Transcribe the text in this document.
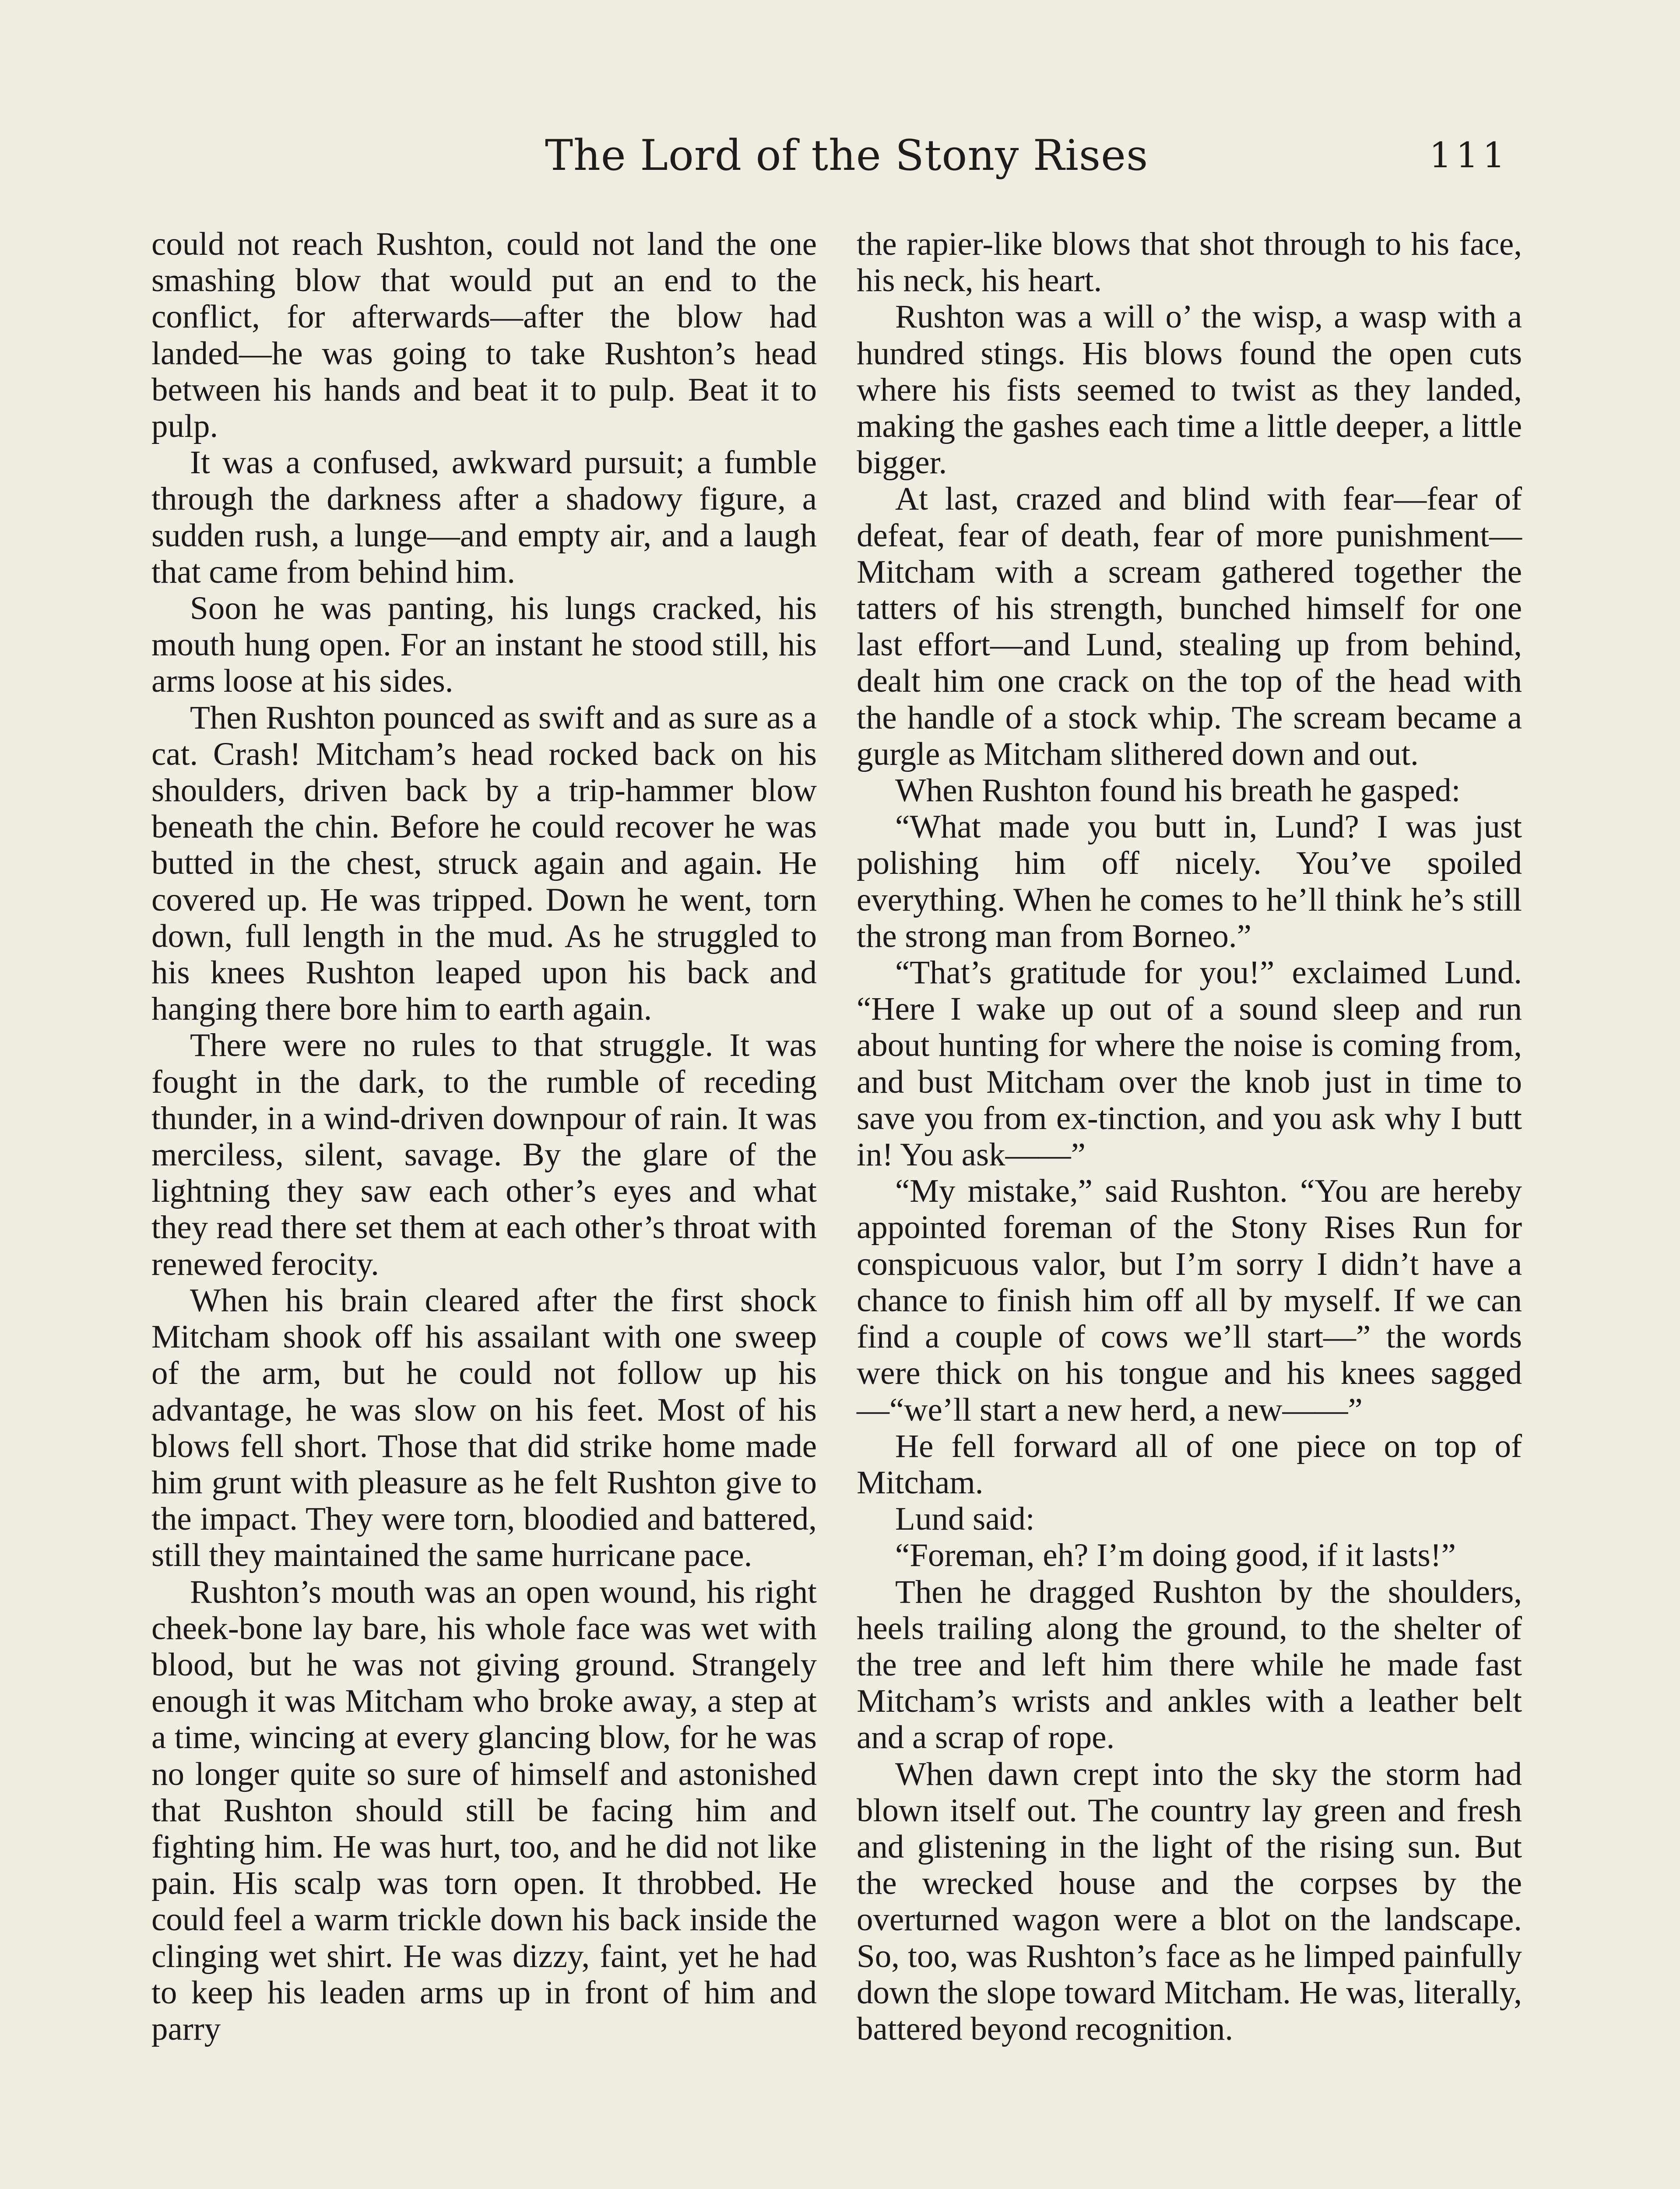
The Lord of the Stony Rises	111

could not reach Rushton, could not land the one smashing blow that would put an end to the conflict, for afterwards—after the blow had landed—he was going to take Rushton’s head between his hands and beat it to pulp. Beat it to pulp.

It was a confused, awkward pursuit; a fumble through the darkness after a shadowy figure, a sudden rush, a lunge—and empty air, and a laugh that came from behind him.

Soon he was panting, his lungs cracked, his mouth hung open. For an instant he stood still, his arms loose at his sides.

Then Rushton pounced as swift and as sure as a cat. Crash! Mitcham’s head rocked back on his shoulders, driven back by a trip-hammer blow beneath the chin. Before he could recover he was butted in the chest, struck again and again. He covered up. He was tripped. Down he went, torn down, full length in the mud. As he struggled to his knees Rushton leaped upon his back and hanging there bore him to earth again.

There were no rules to that struggle. It was fought in the dark, to the rumble of receding thunder, in a wind-driven downpour of rain. It was merciless, silent, savage. By the glare of the lightning they saw each other’s eyes and what they read there set them at each other’s throat with renewed ferocity.

When his brain cleared after the first shock Mitcham shook off his assailant with one sweep of the arm, but he could not follow up his advantage, he was slow on his feet. Most of his blows fell short. Those that did strike home made him grunt with pleasure as he felt Rushton give to the impact. They were torn, bloodied and battered, still they maintained the same hurricane pace.

Rushton’s mouth was an open wound, his right cheek-bone lay bare, his whole face was wet with blood, but he was not giving ground. Strangely enough it was Mitcham who broke away, a step at a time, wincing at every glancing blow, for he was no longer quite so sure of himself and astonished that Rushton should still be facing him and fighting him. He was hurt, too, and he did not like pain. His scalp was torn open. It throbbed. He could feel a warm trickle down his back inside the clinging wet shirt. He was dizzy, faint, yet he had to keep his leaden arms up in front of him and parry

the rapier-like blows that shot through to his face, his neck, his heart.

Rushton was a will o’ the wisp, a wasp with a hundred stings. His blows found the open cuts where his fists seemed to twist as they landed, making the gashes each time a little deeper, a little bigger.

At last, crazed and blind with fear—fear of defeat, fear of death, fear of more punishment—Mitcham with a scream gathered together the tatters of his strength, bunched himself for one last effort—and Lund, stealing up from behind, dealt him one crack on the top of the head with the handle of a stock whip. The scream became a gurgle as Mitcham slithered down and out.

When Rushton found his breath he gasped:

“What made you butt in, Lund? I was just polishing him off nicely. You’ve spoiled everything. When he comes to he’ll think he’s still the strong man from Borneo.”

“That’s gratitude for you!” exclaimed Lund. “Here I wake up out of a sound sleep and run about hunting for where the noise is coming from, and bust Mitcham over the knob just in time to save you from ex-tinction, and you ask why I butt in! You ask——”

“My mistake,” said Rushton. “You are hereby appointed foreman of the Stony Rises Run for conspicuous valor, but I’m sorry I didn’t have a chance to finish him off all by myself. If we can find a couple of cows we’ll start—” the words were thick on his tongue and his knees sagged—“we’ll start a new herd, a new——”

He fell forward all of one piece on top of Mitcham.

Lund said:

“Foreman, eh? I’m doing good, if it lasts!”

Then he dragged Rushton by the shoulders, heels trailing along the ground, to the shelter of the tree and left him there while he made fast Mitcham’s wrists and ankles with a leather belt and a scrap of rope.

When dawn crept into the sky the storm had blown itself out. The country lay green and fresh and glistening in the light of the rising sun. But the wrecked house and the corpses by the overturned wagon were a blot on the landscape. So, too, was Rushton’s face as he limped painfully down the slope toward Mitcham. He was, literally, battered beyond recognition.
